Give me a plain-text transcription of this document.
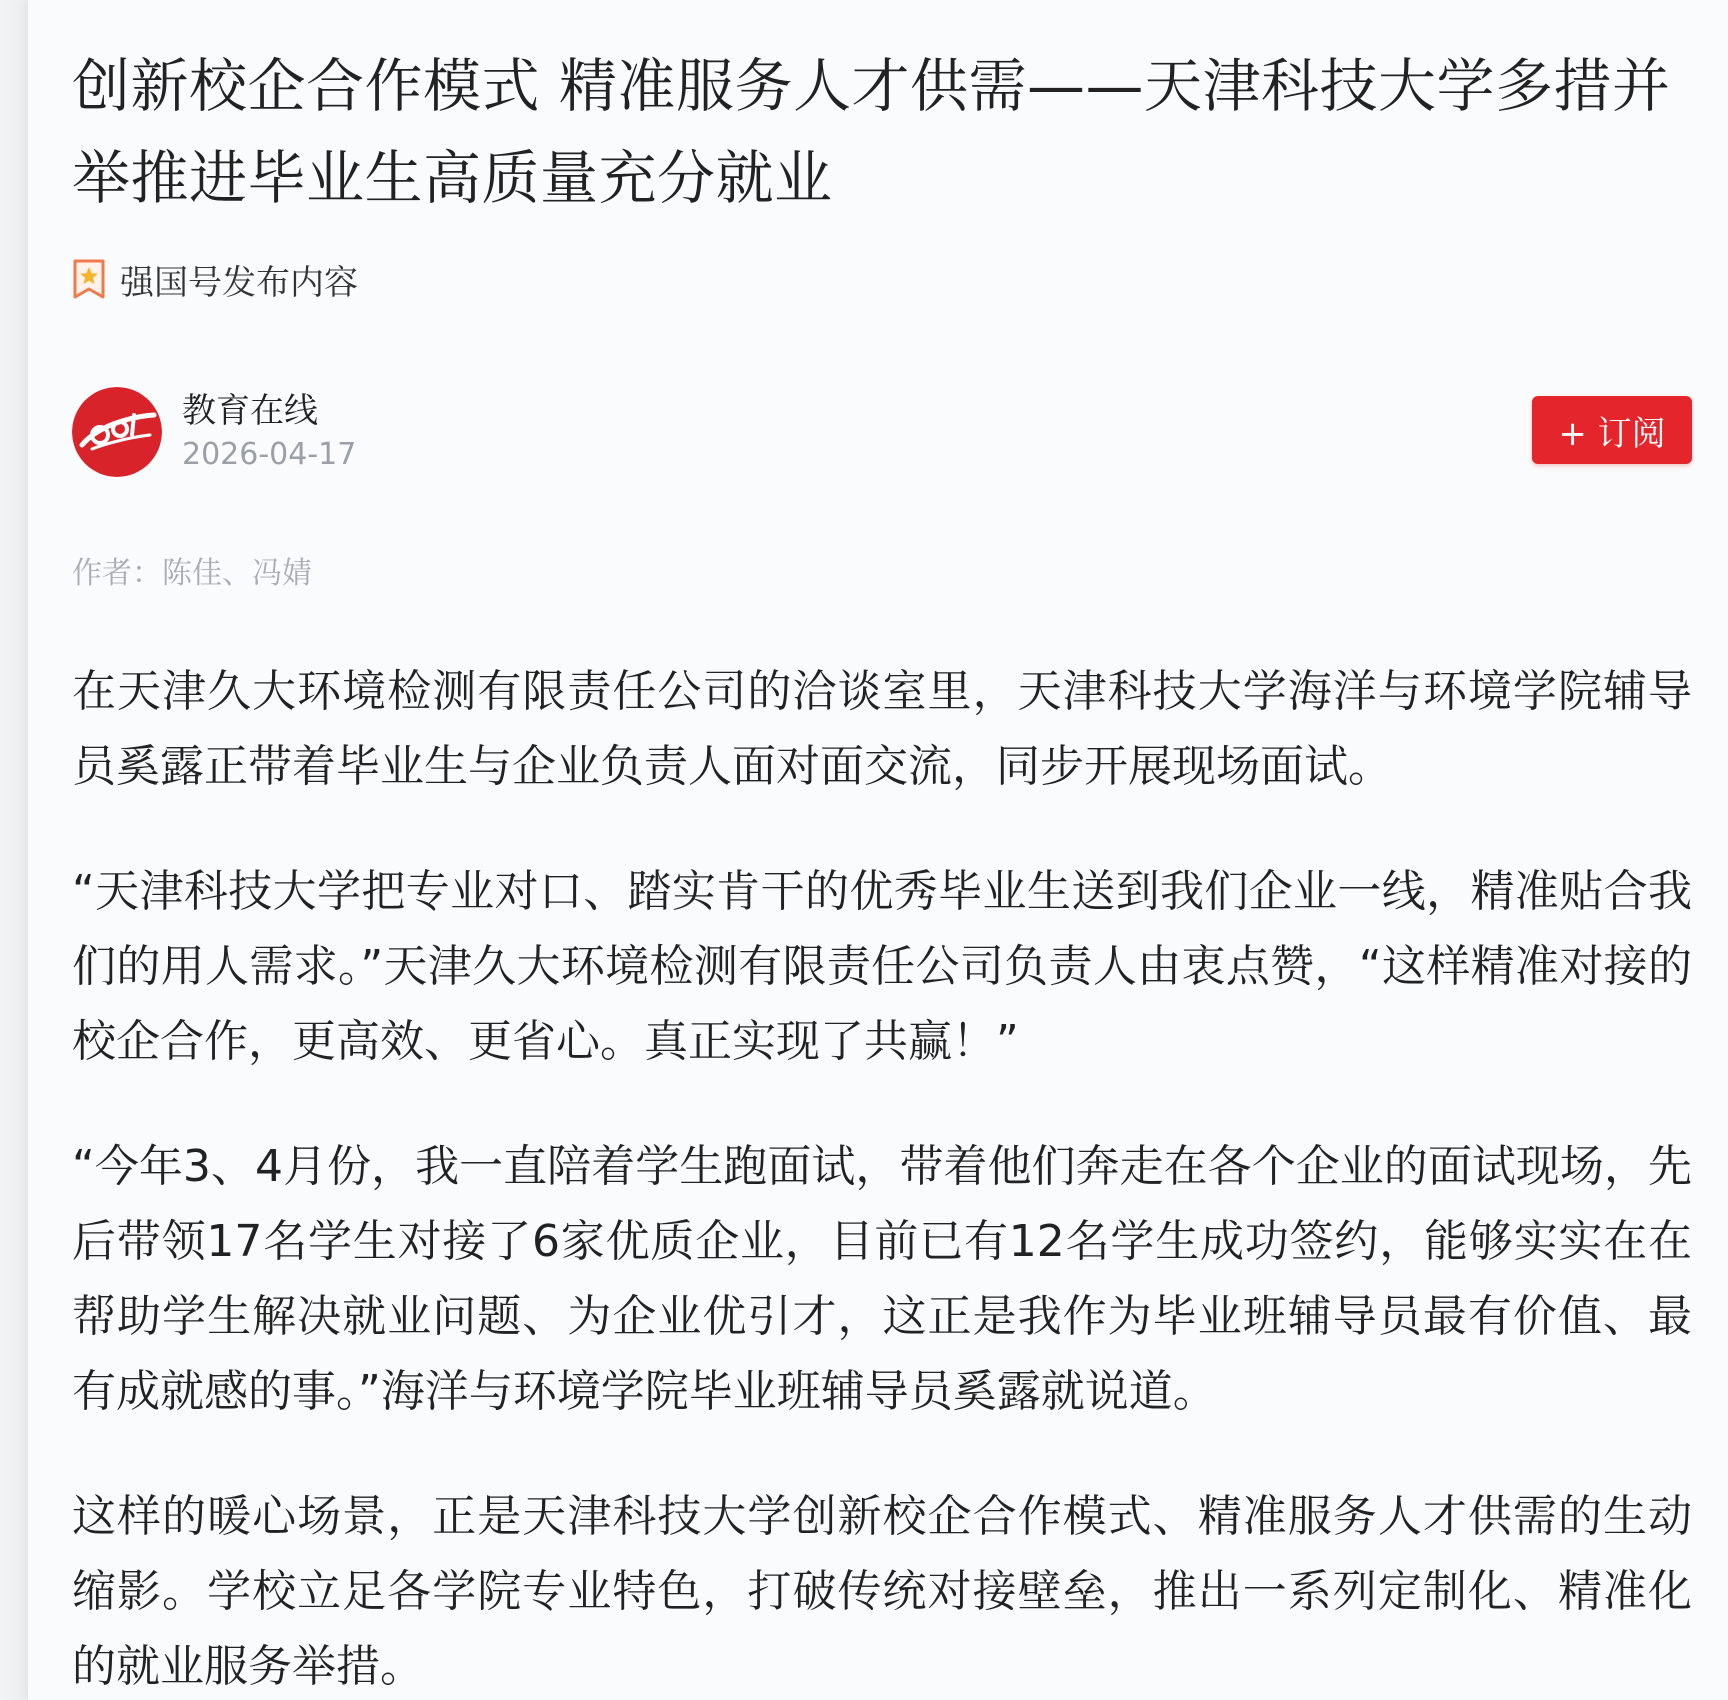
创新校企合作模式 精准服务人才供需——天津科技大学多措并举推进毕业生高质量充分就业
强国号发布内容
教育在线
2026-04-17
+ 订阅
作者：陈佳、冯婧

在天津久大环境检测有限责任公司的洽谈室里，天津科技大学海洋与环境学院辅导员奚露正带着毕业生与企业负责人面对面交流，同步开展现场面试。

“天津科技大学把专业对口、踏实肯干的优秀毕业生送到我们企业一线，精准贴合我们的用人需求。”天津久大环境检测有限责任公司负责人由衷点赞，“这样精准对接的校企合作，更高效、更省心。真正实现了共赢！”

“今年3、4月份，我一直陪着学生跑面试，带着他们奔走在各个企业的面试现场，先后带领17名学生对接了6家优质企业，目前已有12名学生成功签约，能够实实在在帮助学生解决就业问题、为企业优引才，这正是我作为毕业班辅导员最有价值、最有成就感的事。”海洋与环境学院毕业班辅导员奚露就说道。

这样的暖心场景，正是天津科技大学创新校企合作模式、精准服务人才供需的生动缩影。学校立足各学院专业特色，打破传统对接壁垒，推出一系列定制化、精准化的就业服务举措。
